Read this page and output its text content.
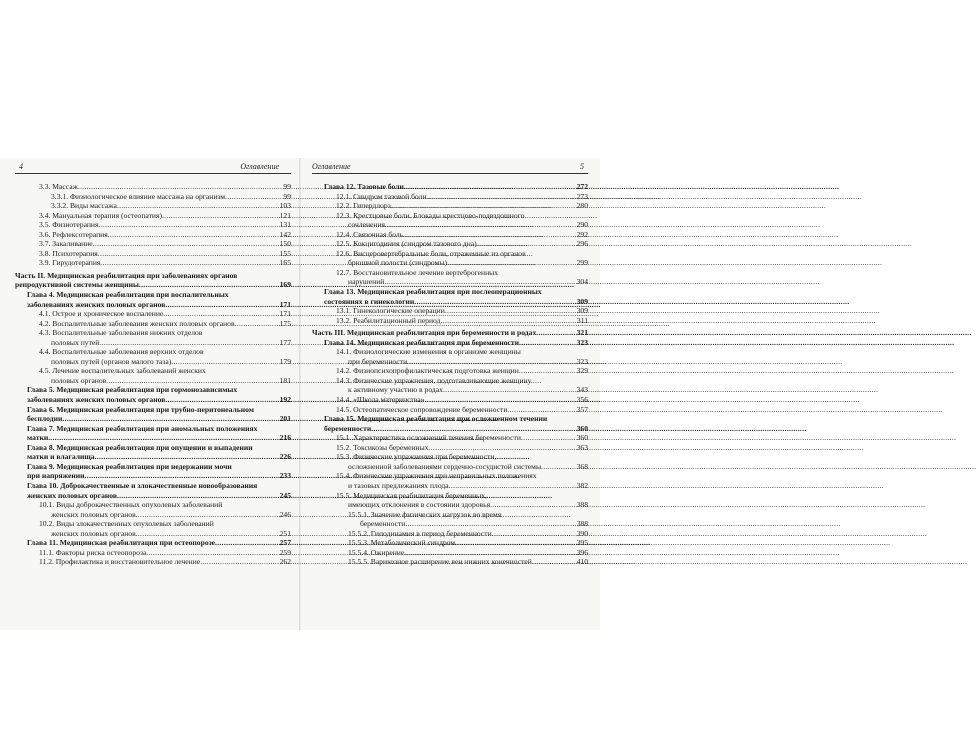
4	Оглавление
3.3. Массаж .....	99
3.3.1. Физиологическое влияние массажа на организм .....	99
3.3.2. Виды массажа .....	103
3.4. Мануальная терапия (остеопатия) .....	121
3.5. Физиотерапия .....	131
3.6. Рефлексотерапия .....	142
3.7. Закаливание .....	150
3.8. Психотерапия .....	155
3.9. Гирудотерапия .....	165
Часть II. Медицинская реабилитация при заболеваниях органов
репродуктивной системы женщины .....	169
Глава 4. Медицинская реабилитация при воспалительных
заболеваниях женских половых органов .....	171
4.1. Острое и хроническое воспаление .....	171
4.2. Воспалительные заболевания женских половых органов .....	175
4.3. Воспалительные заболевания нижних отделов
половых путей .....	177
4.4. Воспалительные заболевания верхних отделов
половых путей (органов малого таза) .....	179
4.5. Лечение воспалительных заболеваний женских
половых органов .....	181
Глава 5. Медицинская реабилитация при гормонозависимых
заболеваниях женских половых органов .....	192
Глава 6. Медицинская реабилитация при трубно-перитонеальном
бесплодии .....	201
Глава 7. Медицинская реабилитация при аномальных положениях
матки .....	216
Глава 8. Медицинская реабилитация при опущении и выпадении
матки и влагалища .....	226
Глава 9. Медицинская реабилитация при недержании мочи
при напряжении .....	233
Глава 10. Доброкачественные и злокачественные новообразования
женских половых органов .....	245
10.1. Виды доброкачественных опухолевых заболеваний
женских половых органов .....	246
10.2. Виды злокачественных опухолевых заболеваний
женских половых органов .....	251
Глава 11. Медицинская реабилитация при остеопорозе .....	257
11.1. Факторы риска остеопороза .....	259
11.2. Профилактика и восстановительное лечение .....	262
Оглавление	5
Глава 12. Тазовые боли .....	272
12.1. Синдром тазовой боли .....	273
12.2. Гипердлорз .....	280
12.3. Крестцовые боли. Блокады крестцово-подвздошного
сочленения .....	290
12.4. Связочная боль .....	292
12.5. Кокцигодиния (синдром тазового дна) .....	296
12.6. Висцеровертебральные боли, отраженные из органов
брюшной полости (синдромы) .....	299
12.7. Восстановительное лечение вертеброгенных
нарушений .....	304
Глава 13. Медицинская реабилитация при послеоперационных
состояниях в гинекологии .....	309
13.1. Гинекологические операции .....	309
13.2. Реабилитационный период .....	311
Часть III. Медицинская реабилитация при беременности и родах .....	321
Глава 14. Медицинская реабилитация при беременности .....	323
14.1. Физиологические изменения в организме женщины
при беременности .....	323
14.2. Физиопсихопрофилактическая подготовка женщин .....	329
14.3. Физические упражнения, подготавливающие женщину
к активному участию в родах .....	343
14.4. «Школа материнства» .....	356
14.5. Остеопатическое сопровождение беременности .....	357
Глава 15. Медицинская реабилитация при осложненном течении
беременности .....	360
15.1. Характеристика осложнений течения беременности .....	360
15.2. Токсикозы беременных .....	363
15.3. Физические упражнения при беременности,
осложненной заболеваниями сердечно-сосудистой системы .....	368
15.4. Физические упражнения при неправильных положениях
и тазовых предлежаниях плода .....	382
15.5. Медицинская реабилитация беременных,
имеющих отклонения в состоянии здоровья .....	388
15.5.1. Значение физических нагрузок во время
беременности .....	388
15.5.2. Гиподинамия в период беременности .....	390
15.5.3. Метаболический синдром .....	395
15.5.4. Ожирение .....	396
15.5.5. Варикозное расширение вен нижних конечностей .....	410
